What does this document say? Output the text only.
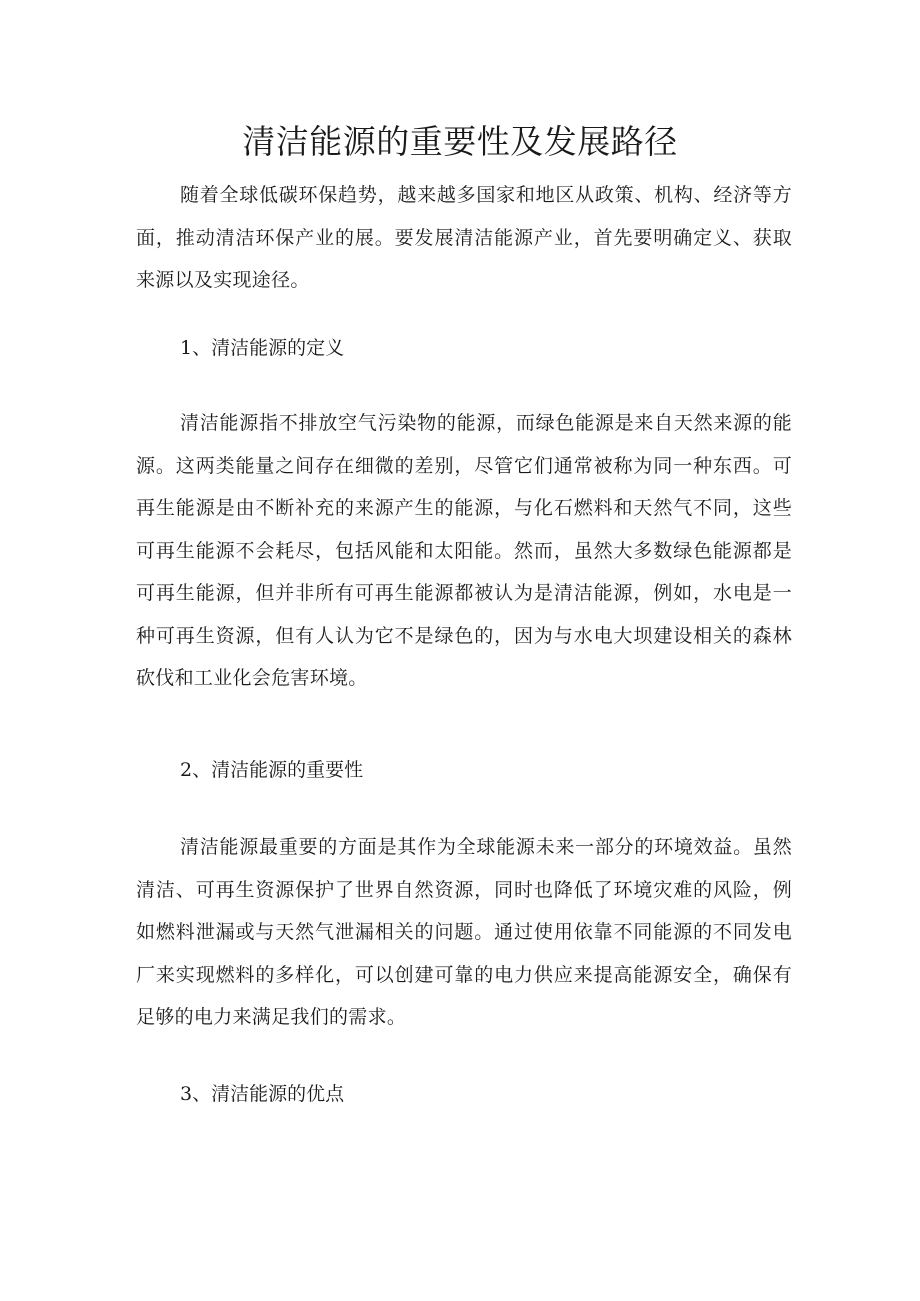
清洁能源的重要性及发展路径

随着全球低碳环保趋势，越来越多国家和地区从政策、机构、经济等方面，推动清洁环保产业的展。要发展清洁能源产业，首先要明确定义、获取来源以及实现途径。

1、清洁能源的定义

清洁能源指不排放空气污染物的能源，而绿色能源是来自天然来源的能源。这两类能量之间存在细微的差别，尽管它们通常被称为同一种东西。可再生能源是由不断补充的来源产生的能源，与化石燃料和天然气不同，这些可再生能源不会耗尽，包括风能和太阳能。然而，虽然大多数绿色能源都是可再生能源，但并非所有可再生能源都被认为是清洁能源，例如，水电是一种可再生资源，但有人认为它不是绿色的，因为与水电大坝建设相关的森林砍伐和工业化会危害环境。

2、清洁能源的重要性

清洁能源最重要的方面是其作为全球能源未来一部分的环境效益。虽然清洁、可再生资源保护了世界自然资源，同时也降低了环境灾难的风险，例如燃料泄漏或与天然气泄漏相关的问题。通过使用依靠不同能源的不同发电厂来实现燃料的多样化，可以创建可靠的电力供应来提高能源安全，确保有足够的电力来满足我们的需求。

3、清洁能源的优点
